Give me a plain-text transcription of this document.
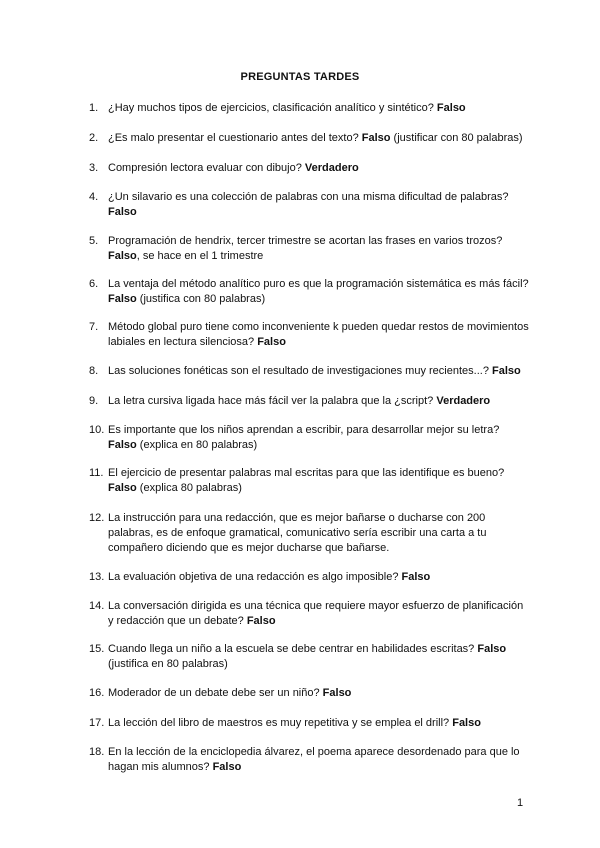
PREGUNTAS TARDES
1. ¿Hay muchos tipos de ejercicios, clasificación analítico y sintético? Falso
2. ¿Es malo presentar el cuestionario antes del texto? Falso (justificar con 80 palabras)
3. Compresión lectora evaluar con dibujo? Verdadero
4. ¿Un silavario es una colección de palabras con una misma dificultad de palabras? Falso
5. Programación de hendrix, tercer trimestre se acortan las frases en varios trozos? Falso, se hace en el 1 trimestre
6. La ventaja del método analítico puro es que la programación sistemática es más fácil? Falso (justifica con 80 palabras)
7. Método global puro tiene como inconveniente k pueden quedar restos de movimientos labiales en lectura silenciosa? Falso
8. Las soluciones fonéticas son el resultado de investigaciones muy recientes...? Falso
9. La letra cursiva ligada hace más fácil ver la palabra que la ¿script? Verdadero
10. Es importante que los niños aprendan a escribir, para desarrollar mejor su letra? Falso (explica en 80 palabras)
11. El ejercicio de presentar palabras mal escritas para que las identifique es bueno? Falso (explica 80 palabras)
12. La instrucción para una redacción, que es mejor bañarse o ducharse con 200 palabras, es de enfoque gramatical, comunicativo sería escribir una carta a tu compañero diciendo que es mejor ducharse que bañarse.
13. La evaluación objetiva de una redacción es algo imposible? Falso
14. La conversación dirigida es una técnica que requiere mayor esfuerzo de planificación y redacción que un debate? Falso
15. Cuando llega un niño a la escuela se debe centrar en habilidades escritas? Falso (justifica en 80 palabras)
16. Moderador de un debate debe ser un niño? Falso
17. La lección del libro de maestros es muy repetitiva y se emplea el drill? Falso
18. En la lección de la enciclopedia álvarez, el poema aparece desordenado para que lo hagan mis alumnos? Falso
1
